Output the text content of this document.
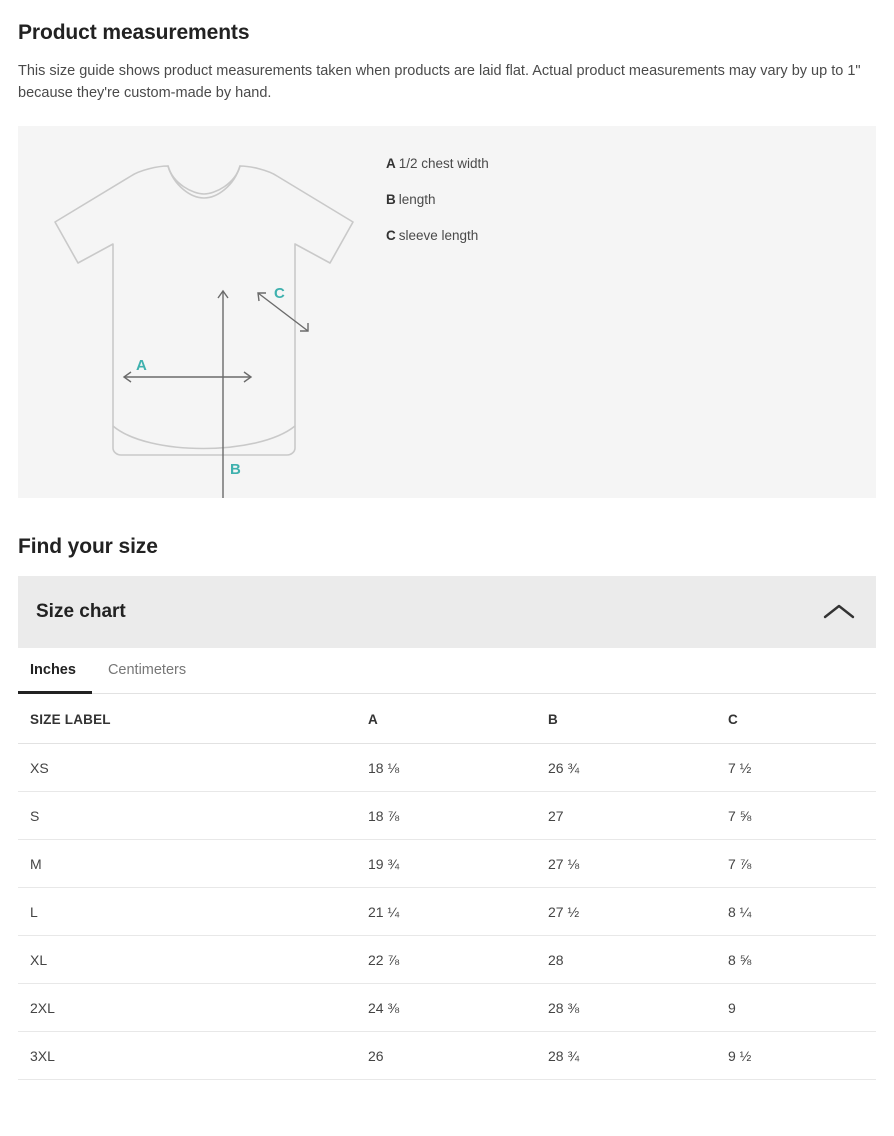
Product measurements

This size guide shows product measurements taken when products are laid flat. Actual product measurements may vary by up to 1" because they're custom-made by hand.

A
B
C
A 1/2 chest width
B length
C sleeve length
Find your size
Size chart
Inches	Centimeters
SIZE LABEL	A	B	C
XS	18 ⅛	26 ¾	7 ½
S	18 ⅞	27	7 ⅝
M	19 ¾	27 ⅛	7 ⅞
L	21 ¼	27 ½	8 ¼
XL	22 ⅞	28	8 ⅝
2XL	24 ⅜	28 ⅜	9
3XL	26	28 ¾	9 ½
